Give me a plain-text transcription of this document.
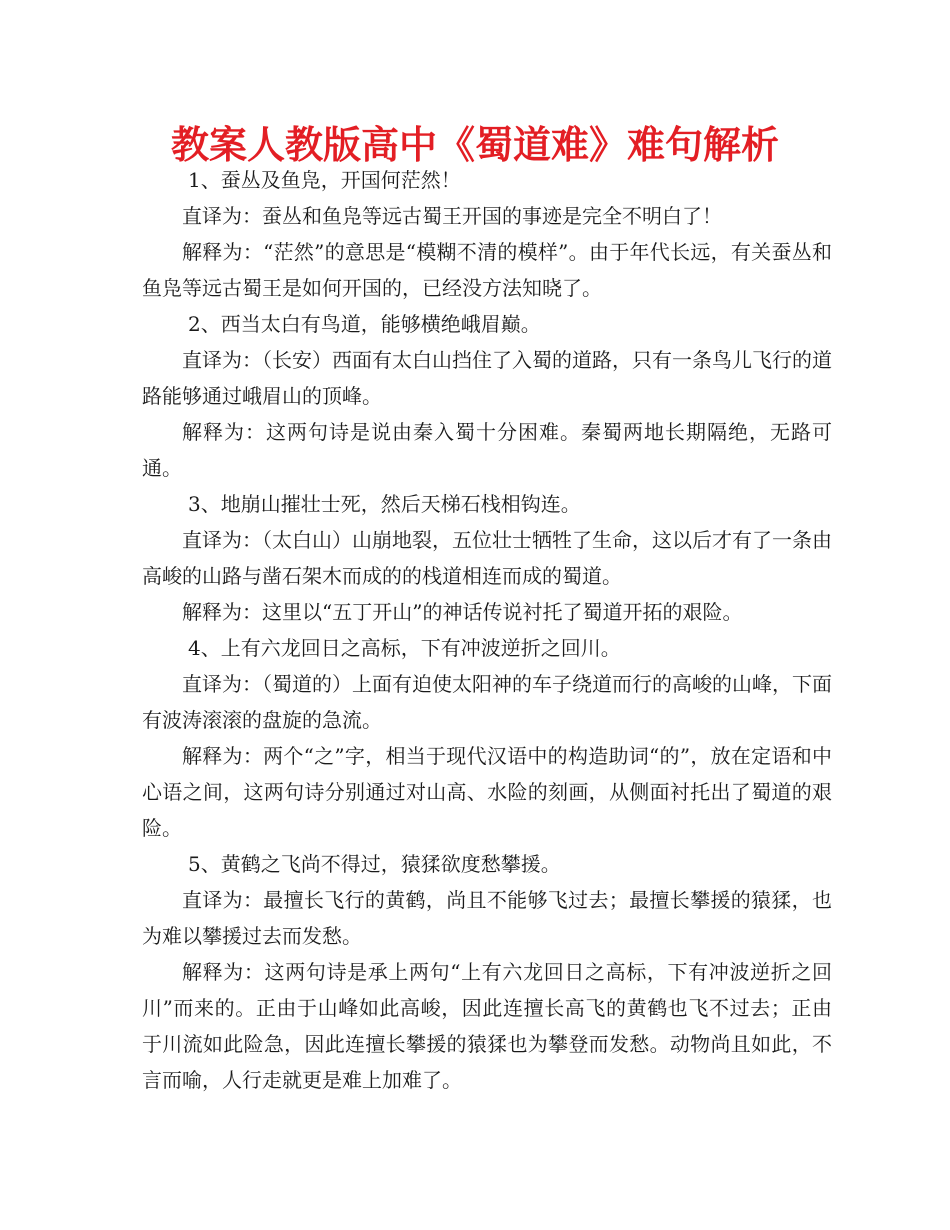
教案人教版高中《蜀道难》难句解析

1、蚕丛及鱼凫，开国何茫然！

直译为：蚕丛和鱼凫等远古蜀王开国的事迹是完全不明白了！

解释为：“茫然”的意思是“模糊不清的模样”。由于年代长远，有关蚕丛和鱼凫等远古蜀王是如何开国的，已经没方法知晓了。

2、西当太白有鸟道，能够横绝峨眉巅。

直译为：（长安）西面有太白山挡住了入蜀的道路，只有一条鸟儿飞行的道路能够通过峨眉山的顶峰。

解释为：这两句诗是说由秦入蜀十分困难。秦蜀两地长期隔绝，无路可通。

3、地崩山摧壮士死，然后天梯石栈相钩连。

直译为：（太白山）山崩地裂，五位壮士牺牲了生命，这以后才有了一条由高峻的山路与凿石架木而成的的栈道相连而成的蜀道。

解释为：这里以“五丁开山”的神话传说衬托了蜀道开拓的艰险。

4、上有六龙回日之高标，下有冲波逆折之回川。

直译为：（蜀道的）上面有迫使太阳神的车子绕道而行的高峻的山峰，下面有波涛滚滚的盘旋的急流。

解释为：两个“之”字，相当于现代汉语中的构造助词“的”，放在定语和中心语之间，这两句诗分别通过对山高、水险的刻画，从侧面衬托出了蜀道的艰险。

5、黄鹤之飞尚不得过，猿猱欲度愁攀援。

直译为：最擅长飞行的黄鹤，尚且不能够飞过去；最擅长攀援的猿猱，也为难以攀援过去而发愁。

解释为：这两句诗是承上两句“上有六龙回日之高标，下有冲波逆折之回川”而来的。正由于山峰如此高峻，因此连擅长高飞的黄鹤也飞不过去；正由于川流如此险急，因此连擅长攀援的猿猱也为攀登而发愁。动物尚且如此，不言而喻，人行走就更是难上加难了。
